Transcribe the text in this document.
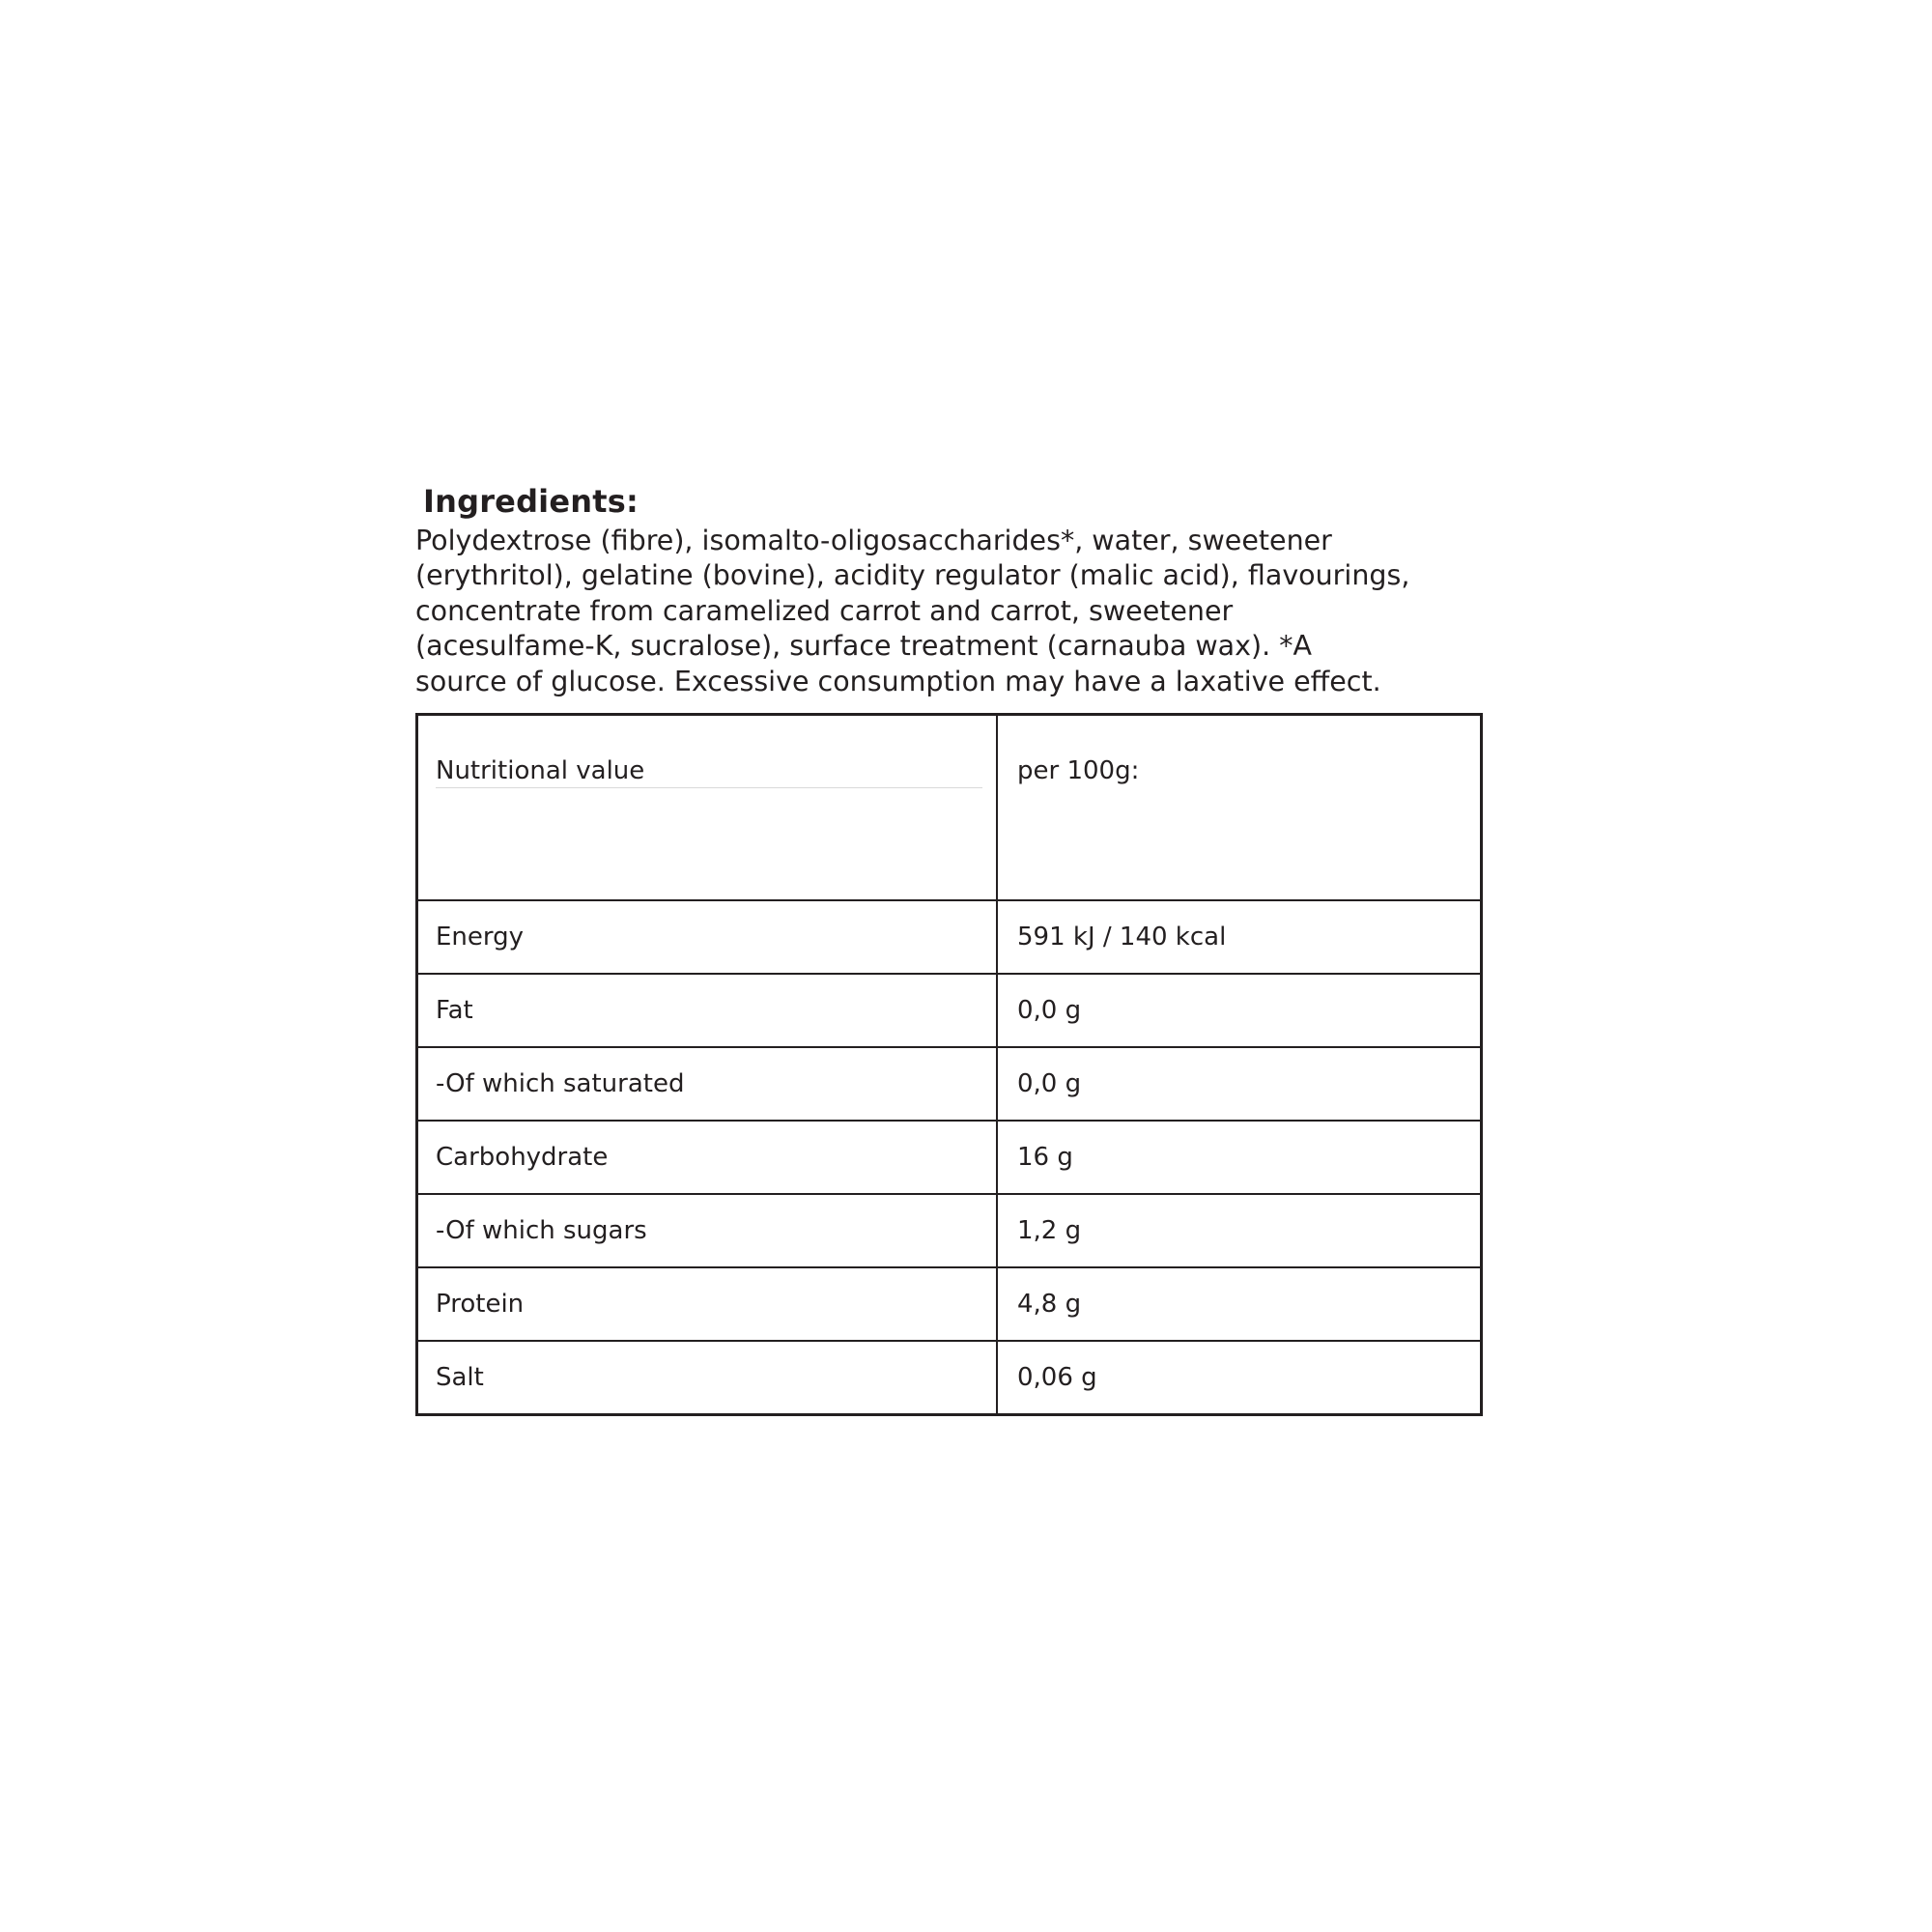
Ingredients:
Polydextrose (fibre), isomalto-oligosaccharides*, water, sweetener (erythritol), gelatine (bovine), acidity regulator (malic acid), flavourings, concentrate from caramelized carrot and carrot, sweetener (acesulfame-K, sucralose), surface treatment (carnauba wax). *A source of glucose. Excessive consumption may have a laxative effect.
Nutritional value	per 100g:

Energy	591 kJ / 140 kcal
Fat	0,0 g
-Of which saturated	0,0 g
Carbohydrate	16 g
-Of which sugars	1,2 g
Protein	4,8 g
Salt	0,06 g
